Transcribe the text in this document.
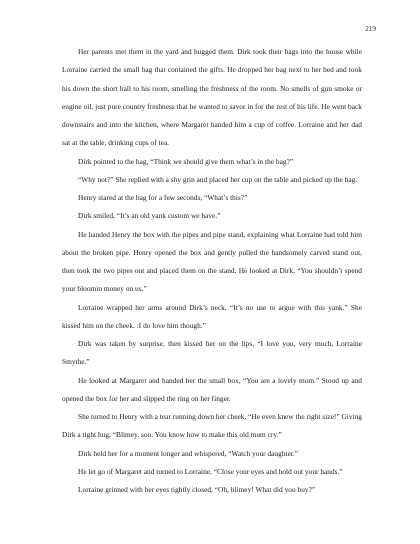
219

Her parents met them in the yard and hugged them. Dirk took their bags into the house while Lorraine carried the small bag that contained the gifts. He dropped her bag next to her bed and took his down the short hall to his room, smelling the freshness of the room. No smells of gun smoke or engine oil, just pure country freshness that he wanted to savor in for the rest of his life. He went back downstairs and into the kitchen, where Margaret handed him a cup of coffee. Lorraine and her dad sat at the table, drinking cups of tea.

Dirk pointed to the bag, “Think we should give them what’s in the bag?”

“Why not?” She replied with a shy grin and placed her cup on the table and picked up the bag.

Henry stared at the bag for a few seconds, “What’s this?”

Dirk smiled, “It’s an old yank custom we have.”

He handed Henry the box with the pipes and pipe stand, explaining what Lorraine had told him about the broken pipe. Henry opened the box and gently pulled the handsomely carved stand out, then took the two pipes out and placed them on the stand. He looked at Dirk, “You shouldn’t spend your bloomin money on us.”

Lorraine wrapped her arms around Dirk’s neck, “It’s no use to argue with this yank.” She kissed him on the cheek. :I do love him though.”

Dirk was taken by surprise, then kissed her on the lips, “I love you, very much, Lorraine Smythe.”

He looked at Margaret and handed her the small box, “You are a lovely mom.” Stood up and opened the box for her and slipped the ring on her finger.

She turned to Henry with a tear running down her cheek, “He even knew the right size!” Giving Dirk a tight hug, “Blimey, son. You know how to make this old mum cry.”

Dirk held her for a moment longer and whispered, “Watch your daughter.”

He let go of Margaret and turned to Lorraine, “Close your eyes and hold out your hands.”

Lorraine grinned with her eyes tightly closed, “Oh, blimey! What did you buy?”
